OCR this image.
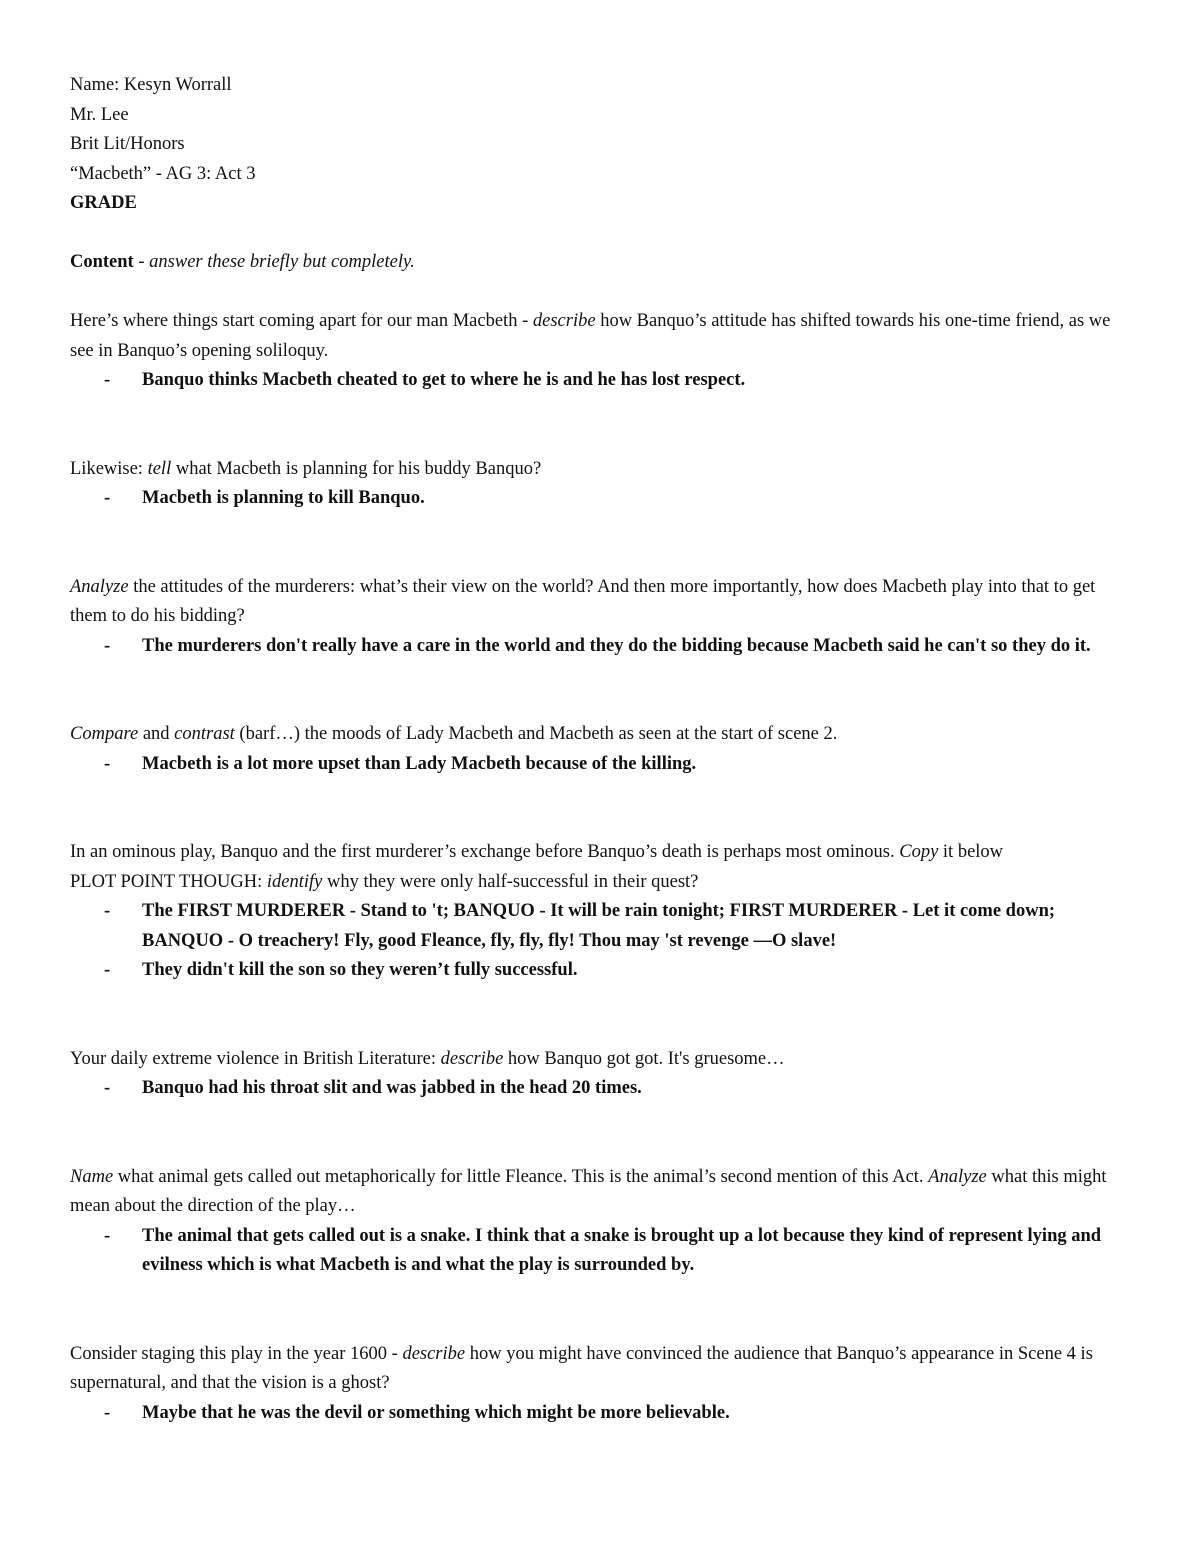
Name: Kesyn Worrall

Mr. Lee

Brit Lit/Honors

“Macbeth” - AG 3: Act 3

GRADE

Content - answer these briefly but completely.

Here’s where things start coming apart for our man Macbeth - describe how Banquo’s attitude has shifted towards his one-time friend, as we see in Banquo’s opening soliloquy.

- Banquo thinks Macbeth cheated to get to where he is and he has lost respect.

Likewise: tell what Macbeth is planning for his buddy Banquo?

- Macbeth is planning to kill Banquo.

Analyze the attitudes of the murderers: what’s their view on the world? And then more importantly, how does Macbeth play into that to get them to do his bidding?

- The murderers don't really have a care in the world and they do the bidding because Macbeth said he can't so they do it.

Compare and contrast (barf…) the moods of Lady Macbeth and Macbeth as seen at the start of scene 2.

- Macbeth is a lot more upset than Lady Macbeth because of the killing.

In an ominous play, Banquo and the first murderer’s exchange before Banquo’s death is perhaps most ominous. Copy it below
PLOT POINT THOUGH: identify why they were only half-successful in their quest?

- The FIRST MURDERER - Stand to 't; BANQUO - It will be rain tonight; FIRST MURDERER - Let it come down; BANQUO - O treachery! Fly, good Fleance, fly, fly, fly! Thou may 'st revenge —O slave!
- They didn't kill the son so they weren’t fully successful.

Your daily extreme violence in British Literature: describe how Banquo got got. It's gruesome…

- Banquo had his throat slit and was jabbed in the head 20 times.

Name what animal gets called out metaphorically for little Fleance. This is the animal’s second mention of this Act. Analyze what this might mean about the direction of the play…

- The animal that gets called out is a snake. I think that a snake is brought up a lot because they kind of represent lying and evilness which is what Macbeth is and what the play is surrounded by.

Consider staging this play in the year 1600 - describe how you might have convinced the audience that Banquo’s appearance in Scene 4 is supernatural, and that the vision is a ghost?

- Maybe that he was the devil or something which might be more believable.
